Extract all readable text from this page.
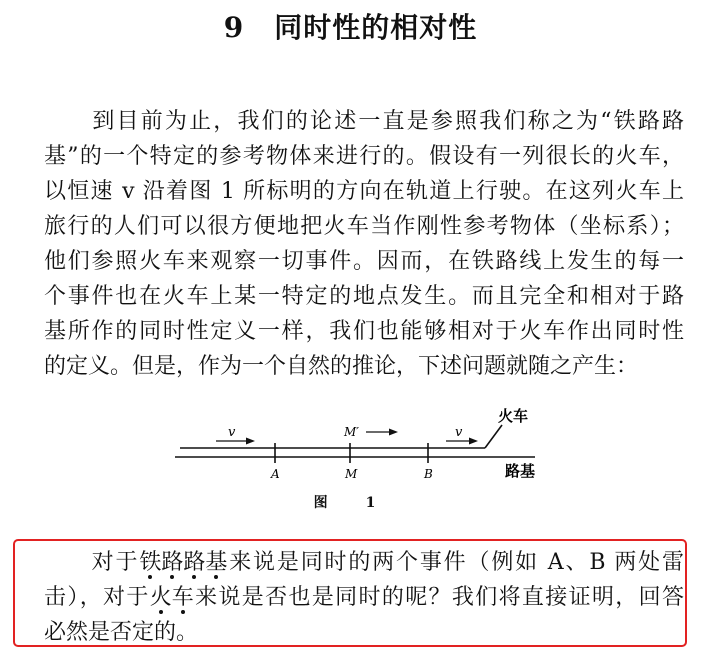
9 同时性的相对性
　　到目前为止，我们的论述一直是参照我们称之为“铁路路
基”的一个特定的参考物体来进行的。假设有一列很长的火车，
以恒速 v 沿着图 1 所标明的方向在轨道上行驶。在这列火车上
旅行的人们可以很方便地把火车当作刚性参考物体（坐标系）；
他们参照火车来观察一切事件。因而，在铁路线上发生的每一
个事件也在火车上某一特定的地点发生。而且完全和相对于路
基所作的同时性定义一样，我们也能够相对于火车作出同时性
的定义。但是，作为一个自然的推论，下述问题就随之产生：
v	M′	v
火车
A	M	B	路基
图　1
　　对于铁路路基来说是同时的两个事件（例如 A、B 两处雷
击），对于火车来说是否也是同时的呢？我们将直接证明，回答
必然是否定的。
